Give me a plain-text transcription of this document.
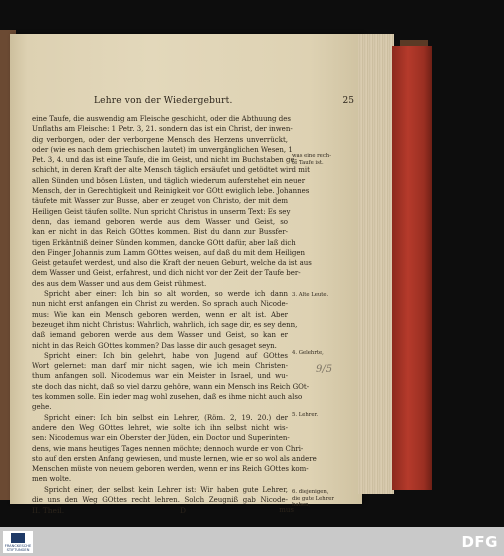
Lehre von der Wiedergeburt.	25
eine Taufe, die auswendig am Fleische geschicht, oder die Abthuung des
Unflaths am Fleische: 1 Petr. 3, 21. sondern das ist ein Christ, der inwen-
dig verborgen, oder der verborgene Mensch des Herzens unverrückt,
oder (wie es nach dem griechischen lautet) im unvergänglichen Wesen, 1
Pet. 3, 4. und das ist eine Taufe, die im Geist, und nicht im Buchstaben ge-
schicht, in deren Kraft der alte Mensch täglich ersäufet und getödtet wird mit
allen Sünden und bösen Lüsten, und täglich wiederum auferstehet ein neuer
Mensch, der in Gerechtigkeit und Reinigkeit vor GOtt ewiglich lebe. Johannes
täufete mit Wasser zur Busse, aber er zeuget von Christo, der mit dem
Heiligen Geist täufen sollte. Nun spricht Christus in unserm Text: Es sey
denn, das iemand geboren werde aus dem Wasser und Geist, so
kan er nicht in das Reich GOttes kommen. Bist du dann zur Bussfer-
tigen Erkäntniß deiner Sünden kommen, dancke GOtt dafür, aber laß dich
den Finger Johannis zum Lamm GOttes weisen, auf daß du mit dem Heiligen
Geist getaufet werdest, und also die Kraft der neuen Geburt, welche da ist aus
dem Wasser und Geist, erfahrest, und dich nicht vor der Zeit der Taufe ber-
des aus dem Wasser und aus dem Geist rühmest.
Spricht aber einer: Ich bin so alt worden, so werde ich dann
nun nicht erst anfangen ein Christ zu werden. So sprach auch Nicode-
mus: Wie kan ein Mensch geboren werden, wenn er alt ist. Aber
bezeuget ihm nicht Christus: Wahrlich, wahrlich, ich sage dir, es sey denn,
daß iemand geboren werde aus dem Wasser und Geist, so kan er
nicht in das Reich GOttes kommen? Das lasse dir auch gesaget seyn.
Spricht einer: Ich bin gelehrt, habe von Jugend auf GOttes
Wort gelernet: man darf mir nicht sagen, wie ich mein Christen-
thum anfangen soll. Nicodemus war ein Meister in Israel, und wu-
ste doch das nicht, daß so viel darzu gehöre, wann ein Mensch ins Reich GOt-
tes kommen solle. Ein ieder mag wohl zusehen, daß es ihme nicht auch also
gehe.
Spricht einer: Ich bin selbst ein Lehrer, (Röm. 2, 19. 20.) der
andere den Weg GOttes lehret, wie solte ich ihn selbst nicht wis-
sen: Nicodemus war ein Oberster der Jüden, ein Doctor und Superinten-
dens, wie mans heutiges Tages nennen möchte; dennoch wurde er von Chri-
sto auf den ersten Anfang gewiesen, und muste lernen, wie er so wol als andere
Menschen müste von neuem geboren werden, wenn er ins Reich GOttes kom-
men wolte.
Spricht einer, der selbst kein Lehrer ist: Wir haben gute Lehrer,
die uns den Weg GOttes recht lehren. Solch Zeugniß gab Nicode-
was eine rech-
te Taufe ist.
3. Alte Leute.
4. Gelehrte,
5. Lehrer.
6. diejenigen,
die gute Lehrer
haben,
9/5
II. Theil.	D	mus
FRANCKESCHE STIFTUNGEN	DFG
